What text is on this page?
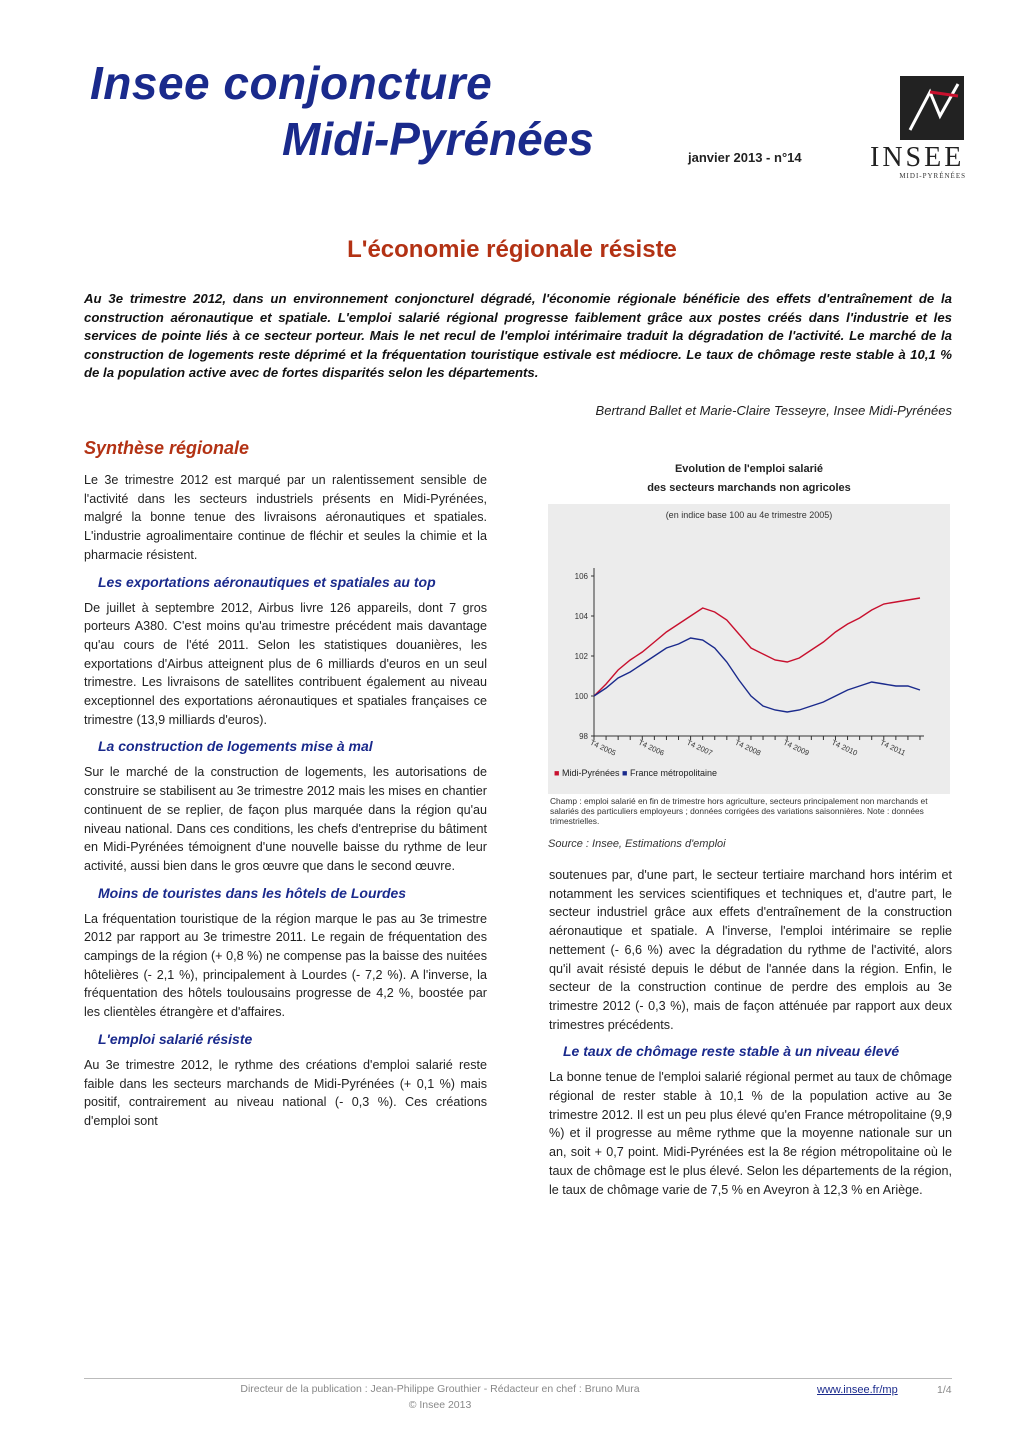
Insee conjoncture
Midi-Pyrénées	janvier 2013 - n°14 INSEE
MIDI-PYRÉNÉES
L'économie régionale résiste
Au 3e trimestre 2012, dans un environnement conjoncturel dégradé, l'économie régionale bénéficie des effets d'entraînement de la construction aéronautique et spatiale. L'emploi salarié régional progresse faiblement grâce aux postes créés dans l'industrie et les services de pointe liés à ce secteur porteur. Mais le net recul de l'emploi intérimaire traduit la dégradation de l'activité. Le marché de la construction de logements reste déprimé et la fréquentation touristique estivale est médiocre. Le taux de chômage reste stable à 10,1 % de la population active avec de fortes disparités selon les départements.
Bertrand Ballet et Marie-Claire Tesseyre, Insee Midi-Pyrénées
Synthèse régionale

Le 3e trimestre 2012 est marqué par un ralentissement sensible de l'activité dans les secteurs industriels présents en Midi-Pyrénées, malgré la bonne tenue des livraisons aéronautiques et spatiales. L'industrie agroalimentaire continue de fléchir et seules la chimie et la pharmacie résistent.

Les exportations aéronautiques et spatiales au top

De juillet à septembre 2012, Airbus livre 126 appareils, dont 7 gros porteurs A380. C'est moins qu'au trimestre précédent mais davantage qu'au cours de l'été 2011. Selon les statistiques douanières, les exportations d'Airbus atteignent plus de 6 milliards d'euros en un seul trimestre. Les livraisons de satellites contribuent également au niveau exceptionnel des exportations aéronautiques et spatiales françaises ce trimestre (13,9 milliards d'euros).

La construction de logements mise à mal

Sur le marché de la construction de logements, les autorisations de construire se stabilisent au 3e trimestre 2012 mais les mises en chantier continuent de se replier, de façon plus marquée dans la région qu'au niveau national. Dans ces conditions, les chefs d'entreprise du bâtiment en Midi-Pyrénées témoignent d'une nouvelle baisse du rythme de leur activité, aussi bien dans le gros œuvre que dans le second œuvre.

Moins de touristes dans les hôtels de Lourdes

La fréquentation touristique de la région marque le pas au 3e trimestre 2012 par rapport au 3e trimestre 2011. Le regain de fréquentation des campings de la région (+ 0,8 %) ne compense pas la baisse des nuitées hôtelières (- 2,1 %), principalement à Lourdes (- 7,2 %). A l'inverse, la fréquentation des hôtels toulousains progresse de 4,2 %, boostée par les clientèles étrangère et d'affaires.

L'emploi salarié résiste

Au 3e trimestre 2012, le rythme des créations d'emploi salarié reste faible dans les secteurs marchands de Midi-Pyrénées (+ 0,1 %) mais positif, contrairement au niveau national (- 0,3 %). Ces créations d'emploi sont

Evolution de l'emploi salarié
des secteurs marchands non agricoles
(en indice base 100 au 4e trimestre 2005)
98
100
102
104
106
T4 2005	T4 2006	T4 2007	T4 2008	T4 2009	T4 2010	T4 2011
■ Midi-Pyrénées ■ France métropolitaine
Champ : emploi salarié en fin de trimestre hors agriculture, secteurs principalement non marchands et salariés des particuliers employeurs ; données corrigées des variations saisonnières. Note : données trimestrielles.
Source : Insee, Estimations d'emploi

soutenues par, d'une part, le secteur tertiaire marchand hors intérim et notamment les services scientifiques et techniques et, d'autre part, le secteur industriel grâce aux effets d'entraînement de la construction aéronautique et spatiale. A l'inverse, l'emploi intérimaire se replie nettement (- 6,6 %) avec la dégradation du rythme de l'activité, alors qu'il avait résisté depuis le début de l'année dans la région. Enfin, le secteur de la construction continue de perdre des emplois au 3e trimestre 2012 (- 0,3 %), mais de façon atténuée par rapport aux deux trimestres précédents.

Le taux de chômage reste stable à un niveau élevé

La bonne tenue de l'emploi salarié régional permet au taux de chômage régional de rester stable à 10,1 % de la population active au 3e trimestre 2012. Il est un peu plus élevé qu'en France métropolitaine (9,9 %) et il progresse au même rythme que la moyenne nationale sur un an, soit + 0,7 point. Midi-Pyrénées est la 8e région métropolitaine où le taux de chômage est le plus élevé. Selon les départements de la région, le taux de chômage varie de 7,5 % en Aveyron à 12,3 % en Ariège.

Directeur de la publication : Jean-Philippe Grouthier - Rédacteur en chef : Bruno Mura
© Insee 2013
www.insee.fr/mp	1/4
